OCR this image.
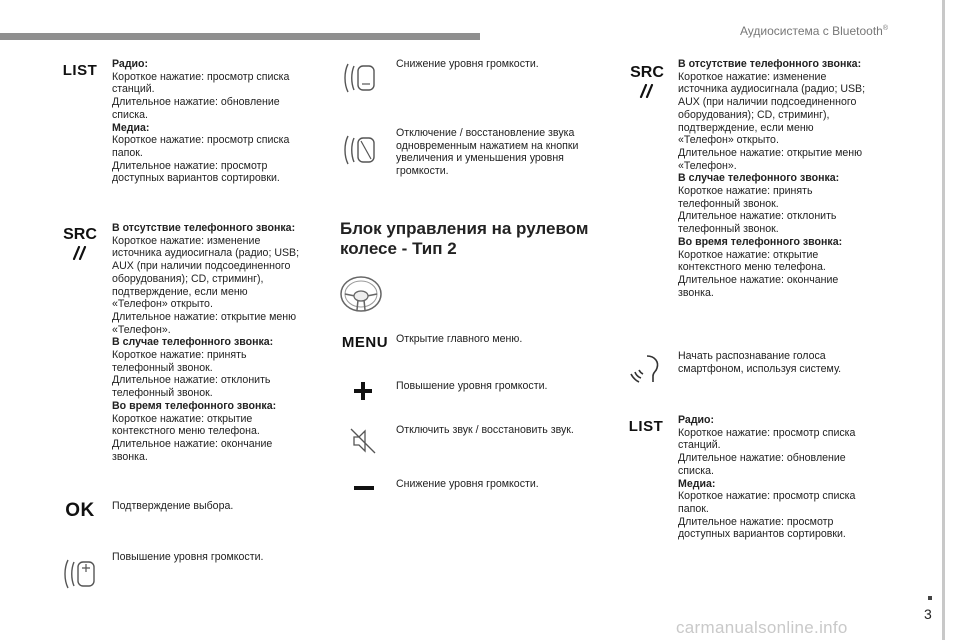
Аудиосистема с Bluetooth®
3
LIST	Радио:
Короткое нажатие: просмотр списка
станций.
Длительное нажатие: обновление
списка.
Медиа:
Короткое нажатие: просмотр списка
папок.
Длительное нажатие: просмотр
доступных вариантов сортировки.
SRC	В отсутствие телефонного звонка:
Короткое нажатие: изменение
источника аудиосигнала (радио; USB;
AUX (при наличии подсоединенного
оборудования); CD, стриминг),
подтверждение, если меню
«Телефон» открыто.
Длительное нажатие: открытие меню
«Телефон».
В случае телефонного звонка:
Короткое нажатие: принять
телефонный звонок.
Длительное нажатие: отклонить
телефонный звонок.
Во время телефонного звонка:
Короткое нажатие: открытие
контекстного меню телефона.
Длительное нажатие: окончание
звонка.
OK	Подтверждение выбора.
Повышение уровня громкости.
Снижение уровня громкости.
Отключение / восстановление звука
одновременным нажатием на кнопки
увеличения и уменьшения уровня
громкости.
Блок управления на рулевом колесе - Тип 2
MENU Открытие главного меню.
Повышение уровня громкости.
Отключить звук / восстановить звук.
Снижение уровня громкости.
SRC	В отсутствие телефонного звонка:
Короткое нажатие: изменение
источника аудиосигнала (радио; USB;
AUX (при наличии подсоединенного
оборудования); CD, стриминг),
подтверждение, если меню
«Телефон» открыто.
Длительное нажатие: открытие меню
«Телефон».
В случае телефонного звонка:
Короткое нажатие: принять
телефонный звонок.
Длительное нажатие: отклонить
телефонный звонок.
Во время телефонного звонка:
Короткое нажатие: открытие
контекстного меню телефона.
Длительное нажатие: окончание
звонка.
Начать распознавание голоса
смартфоном, используя систему.
LIST	Радио:
Короткое нажатие: просмотр списка
станций.
Длительное нажатие: обновление
списка.
Медиа:
Короткое нажатие: просмотр списка
папок.
Длительное нажатие: просмотр
доступных вариантов сортировки.
carmanualsonline.info
